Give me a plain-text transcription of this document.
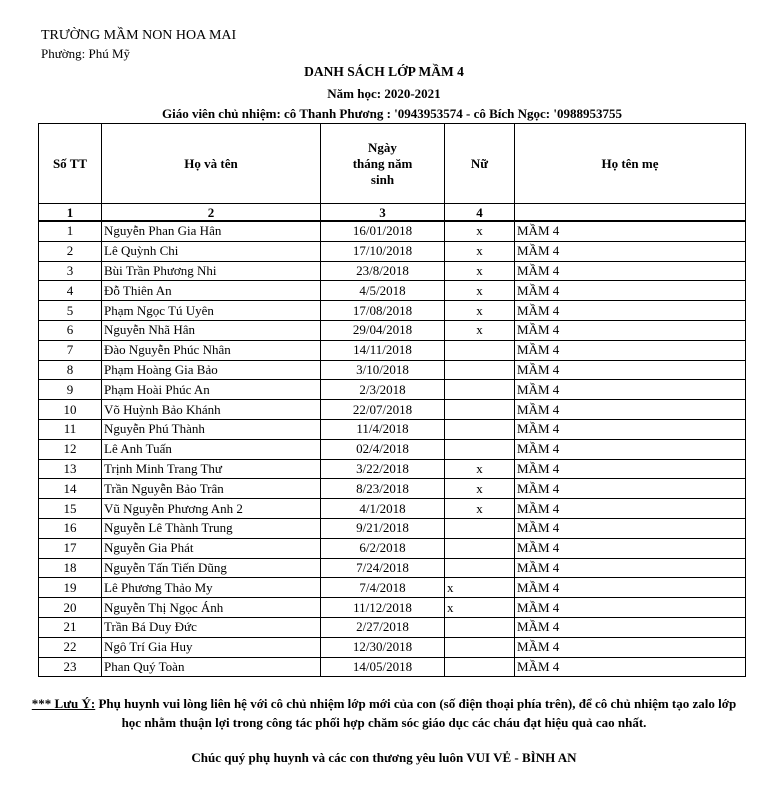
TRƯỜNG MẦM NON HOA MAI
Phường: Phú Mỹ
DANH SÁCH LỚP MẦM 4
Năm học: 2020-2021
Giáo viên chủ nhiệm: cô Thanh Phương : '0943953574 - cô Bích Ngọc: '0988953755
Số TT	Họ và tên	Ngày tháng năm sinh	Nữ	Họ tên mẹ
1	2	3	4	
1	Nguyễn Phan Gia Hân	16/01/2018	x	MẦM 4
2	Lê Quỳnh Chi	17/10/2018	x	MẦM 4
3	Bùi Trần Phương Nhi	23/8/2018	x	MẦM 4
4	Đỗ Thiên An	4/5/2018	x	MẦM 4
5	Phạm Ngọc Tú Uyên	17/08/2018	x	MẦM 4
6	Nguyễn Nhã Hân	29/04/2018	x	MẦM 4
7	Đào Nguyễn Phúc Nhân	14/11/2018		MẦM 4
8	Phạm Hoàng Gia Bảo	3/10/2018		MẦM 4
9	Phạm Hoài Phúc An	2/3/2018		MẦM 4
10	Võ Huỳnh Bảo Khánh	22/07/2018		MẦM 4
11	Nguyễn Phú Thành	11/4/2018		MẦM 4
12	Lê Anh Tuấn	02/4/2018		MẦM 4
13	Trịnh Minh Trang Thư	3/22/2018	x	MẦM 4
14	Trần Nguyễn Bảo Trân	8/23/2018	x	MẦM 4
15	Vũ Nguyễn Phương Anh 2	4/1/2018	x	MẦM 4
16	Nguyễn Lê Thành Trung	9/21/2018		MẦM 4
17	Nguyễn Gia Phát	6/2/2018		MẦM 4
18	Nguyễn Tấn Tiến Dũng	7/24/2018		MẦM 4
19	Lê Phương Thảo My	7/4/2018	x	MẦM 4
20	Nguyễn Thị Ngọc Ánh	11/12/2018	x	MẦM 4
21	Trần Bá Duy Đức	2/27/2018		MẦM 4
22	Ngô Trí Gia Huy	12/30/2018		MẦM 4
23	Phan Quý Toàn	14/05/2018		MẦM 4
*** Lưu Ý: Phụ huynh vui lòng liên hệ với cô chủ nhiệm lớp mới của con (số điện thoại phía trên), để cô chủ nhiệm tạo zalo lớp học nhằm thuận lợi trong công tác phối hợp chăm sóc giáo dục các cháu đạt hiệu quả cao nhất.
Chúc quý phụ huynh và các con thương yêu luôn VUI VẺ - BÌNH AN
